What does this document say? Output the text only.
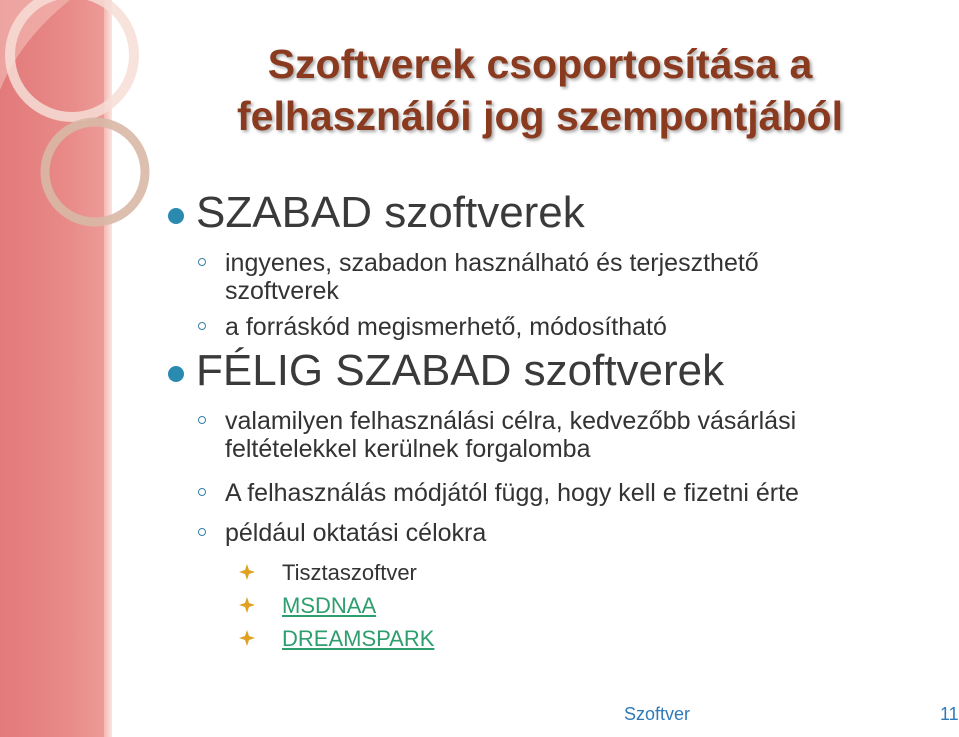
Szoftverek csoportosítása a felhasználói jog szempontjából
SZABAD szoftverek
ingyenes, szabadon használható és terjeszthető szoftverek
a forráskód megismerhető, módosítható
FÉLIG SZABAD szoftverek
valamilyen felhasználási célra, kedvezőbb vásárlási feltételekkel kerülnek forgalomba
A felhasználás módjától függ, hogy kell e fizetni érte
például oktatási célokra
Tisztaszoftver
MSDNAA
DREAMSPARK
Szoftver	11
